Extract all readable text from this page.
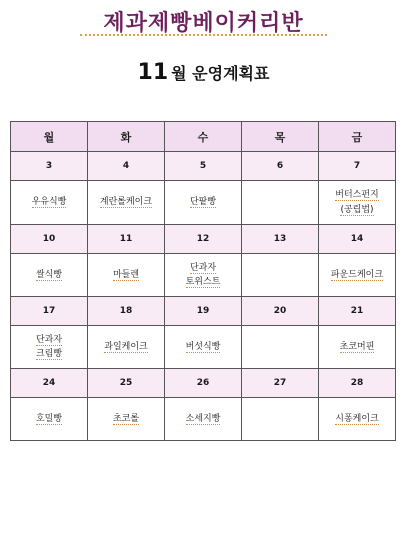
제과제빵베이커리반
11 월 운영계획표
월	화	수	목	금
3	4	5	6	7
우유식빵	계란롤케이크	단팥빵		버터스펀지
(공립법)
10	11	12	13	14
쌀식빵	마들렌	단과자
토위스트		파운드케이크
17	18	19	20	21
단과자
크림빵	과일케이크	버섯식빵		초코머핀
24	25	26	27	28
호밀빵	초코롤	소세지빵		시퐁케이크
